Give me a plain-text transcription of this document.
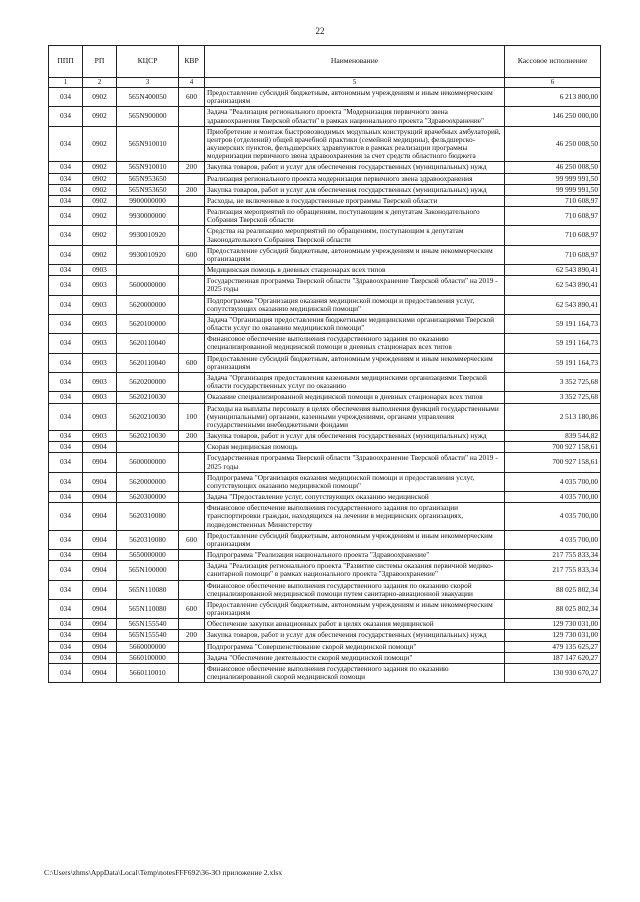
22
ППП	РП	КЦСР	КВР	Наименование	Кассовое исполнение
1	2	3	4	5	6
034	0902	565N400050	600	Предоставление субсидий бюджетным, автономным учреждениям и иным некоммерческим организациям	6 213 800,00
034	0902	565N900000		Задача "Реализация регионального проекта "Модернизация первичного звена здравоохранения Тверской области" в рамках национального проекта "Здравоохранение"	146 250 000,00
034	0902	565N910010		Приобретение и монтаж быстровозводимых модульных конструкций врачебных амбулаторий, центров (отделений) общей врачебной практики (семейной медицины), фельдшерско-акушерских пунктов, фельдшерских здравпунктов в рамках реализации программы модернизации первичного звена здравоохранения за счет средств областного бюджета	46 250 008,50
034	0902	565N910010	200	Закупка товаров, работ и услуг для обеспечения государственных (муниципальных) нужд	46 250 008,50
034	0902	565N953650		Реализация регионального проекта модернизация первичного звена здравоохранения	99 999 991,50
034	0902	565N953650	200	Закупка товаров, работ и услуг для обеспечения государственных (муниципальных) нужд	99 999 991,50
034	0902	9900000000		Расходы, не включенные в государственные программы Тверской области	710 608,97
034	0902	9930000000		Реализация мероприятий по обращениям, поступающим к депутатам Законодательного Собрания Тверской области	710 608,97
034	0902	9930010920		Средства на реализацию мероприятий по обращениям, поступающим к депутатам Законодательного Собрания Тверской области	710 608,97
034	0902	9930010920	600	Предоставление субсидий бюджетным, автономным учреждениям и иным некоммерческим организациям	710 608,97
034	0903			Медицинская помощь в дневных стационарах всех типов	62 543 890,41
034	0903	5600000000		Государственная программа Тверской области "Здравоохранение Тверской области" на 2019 - 2025 годы	62 543 890,41
034	0903	5620000000		Подпрограмма "Организация оказания медицинской помощи и предоставления услуг, сопутствующих оказанию медицинской помощи"	62 543 890,41
034	0903	5620100000		Задача "Организация предоставления бюджетными медицинскими организациями Тверской области услуг по оказанию медицинской помощи"	59 191 164,73
034	0903	5620110040		Финансовое обеспечение выполнения государственного задания по оказанию специализированной медицинской помощи в дневных стационарах всех типов	59 191 164,73
034	0903	5620110040	600	Предоставление субсидий бюджетным, автономным учреждениям и иным некоммерческим организациям	59 191 164,73
034	0903	5620200000		Задача "Организация предоставления казенными медицинскими организациями Тверской области государственных услуг по оказанию	3 352 725,68
034	0903	5620210030		Оказание специализированной медицинской помощи в дневных стационарах всех типов	3 352 725,68
034	0903	5620210030	100	Расходы на выплаты персоналу в целях обеспечения выполнения функций государственными (муниципальными) органами, казенными учреждениями, органами управления государственными внебюджетными фондами	2 513 180,86
034	0903	5620210030	200	Закупка товаров, работ и услуг для обеспечения государственных (муниципальных) нужд	839 544,82
034	0904			Скорая медицинская помощь	700 927 158,61
034	0904	5600000000		Государственная программа Тверской области "Здравоохранение Тверской области" на 2019 - 2025 годы	700 927 158,61
034	0904	5620000000		Подпрограмма "Организация оказания медицинской помощи и предоставления услуг, сопутствующих оказанию медицинской помощи"	4 035 700,00
034	0904	5620300000		Задача "Предоставление услуг, сопутствующих оказанию медицинской	4 035 700,00
034	0904	5620310080		Финансовое обеспечение выполнения государственного задания по организации транспортировки граждан, находящихся на лечении в медицинских организациях, подведомственных Министерству	4 035 700,00
034	0904	5620310080	600	Предоставление субсидий бюджетным, автономным учреждениям и иным некоммерческим организациям	4 035 700,00
034	0904	5650000000		Подпрограмма "Реализация национального проекта "Здравоохранение"	217 755 833,34
034	0904	565N100000		Задача "Реализация регионального проекта "Развитие системы оказания первичной медико-санитарной помощи" в рамках национального проекта "Здравоохранение"	217 755 833,34
034	0904	565N110080		Финансовое обеспечение выполнения государственного задания по оказанию скорой специализированной медицинской помощи путем санитарно-авиационной эвакуации	88 025 802,34
034	0904	565N110080	600	Предоставление субсидий бюджетным, автономным учреждениям и иным некоммерческим организациям	88 025 802,34
034	0904	565N155540		Обеспечение закупки авиационных работ в целях оказания медицинской	129 730 031,00
034	0904	565N155540	200	Закупка товаров, работ и услуг для обеспечения государственных (муниципальных) нужд	129 730 031,00
034	0904	5660000000		Подпрограмма "Совершенствование скорой медицинской помощи"	479 135 625,27
034	0904	5660100000		Задача "Обеспечение деятельности скорой медицинской помощи"	187 147 620,27
034	0904	5660110010		Финансовое обеспечение выполнения государственного задания по оказанию специализированной скорой медицинской помощи	130 930 670,27
C:\Users\zhms\AppData\Local\Temp\notesFFF692\36-ЗО приложение 2.xlsx
